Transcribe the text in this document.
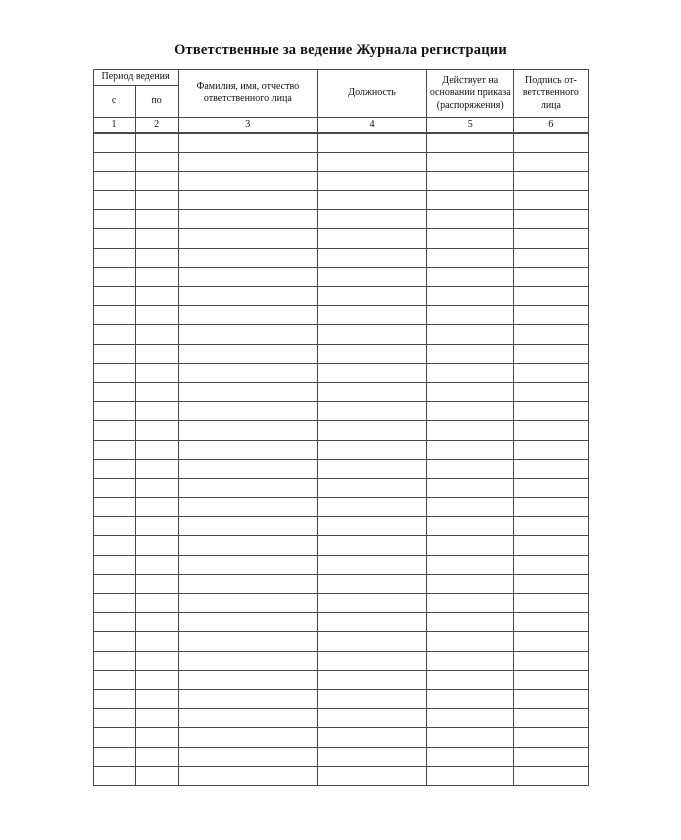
Ответственные за ведение Журнала регистрации
Период ведения		Фамилия, имя, отчество ответственного лица	Должность	Действует на основании приказа (распоряжения)	Подпись от-ветственного лица
с	по				
1	2	3	4	5	6
